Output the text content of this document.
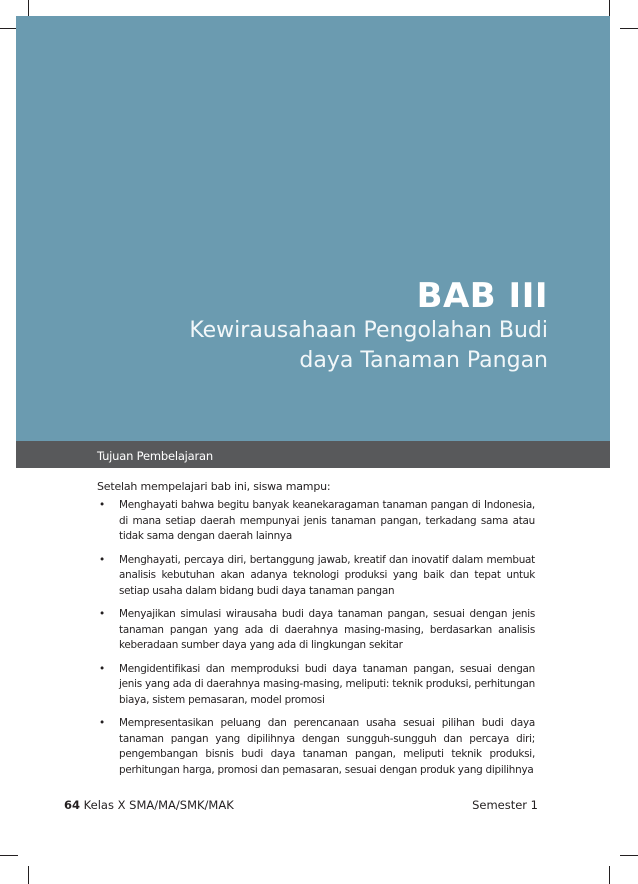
BAB III
Kewirausahaan Pengolahan Budi
daya Tanaman Pangan
Tujuan Pembelajaran
Setelah mempelajari bab ini, siswa mampu:
• Menghayati bahwa begitu banyak keanekaragaman tanaman pangan di Indonesia, di mana setiap daerah mempunyai jenis tanaman pangan, terkadang sama atau tidak sama dengan daerah lainnya
• Menghayati, percaya diri, bertanggung jawab, kreatif dan inovatif dalam membuat analisis kebutuhan akan adanya teknologi produksi yang baik dan tepat untuk setiap usaha dalam bidang budi daya tanaman pangan
• Menyajikan simulasi wirausaha budi daya tanaman pangan, sesuai dengan jenis tanaman pangan yang ada di daerahnya masing-masing, berdasarkan analisis keberadaan sumber daya yang ada di lingkungan sekitar
• Mengidentifikasi dan memproduksi budi daya tanaman pangan, sesuai dengan jenis yang ada di daerahnya masing-masing, meliputi: teknik produksi, perhitungan biaya, sistem pemasaran, model promosi
• Mempresentasikan peluang dan perencanaan usaha sesuai pilihan budi daya tanaman pangan yang dipilihnya dengan sungguh-sungguh dan percaya diri; pengembangan bisnis budi daya tanaman pangan, meliputi teknik produksi, perhitungan harga, promosi dan pemasaran, sesuai dengan produk yang dipilihnya
64 Kelas X SMA/MA/SMK/MAK	Semester 1
